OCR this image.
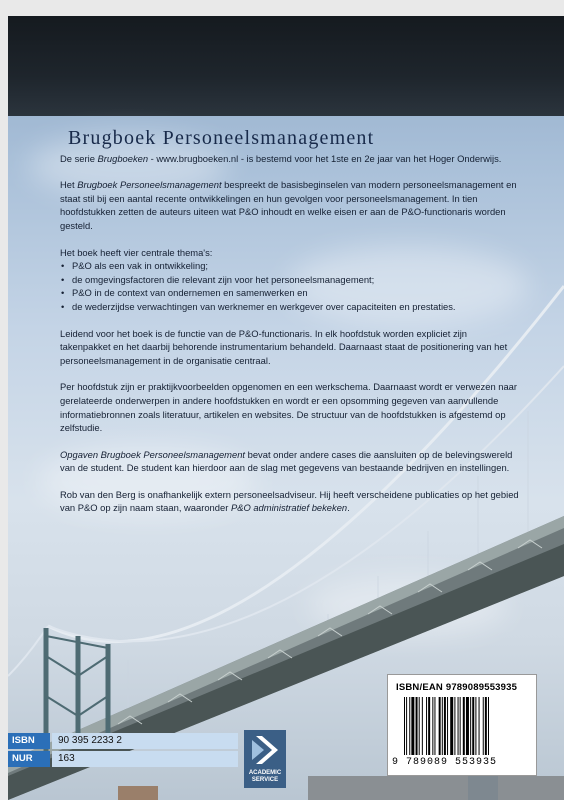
Brugboek Personeelsmanagement

De serie Brugboeken - www.brugboeken.nl - is bestemd voor het 1ste en 2e jaar van het Hoger Onderwijs.

Het Brugboek Personeelsmanagement bespreekt de basisbeginselen van modern personeelsmanagement en staat stil bij een aantal recente ontwikkelingen en hun gevolgen voor personeelsmanagement. In tien hoofdstukken zetten de auteurs uiteen wat P&O inhoudt en welke eisen er aan de P&O-functionaris worden gesteld.

Het boek heeft vier centrale thema's:
• P&O als een vak in ontwikkeling;
• de omgevingsfactoren die relevant zijn voor het personeelsmanagement;
• P&O in de context van ondernemen en samenwerken en
• de wederzijdse verwachtingen van werknemer en werkgever over capaciteiten en prestaties.

Leidend voor het boek is de functie van de P&O-functionaris. In elk hoofdstuk worden expliciet zijn takenpakket en het daarbij behorende instrumentarium behandeld. Daarnaast staat de positionering van het personeelsmanagement in de organisatie centraal.

Per hoofdstuk zijn er praktijkvoorbeelden opgenomen en een werkschema. Daarnaast wordt er verwezen naar gerelateerde onderwerpen in andere hoofdstukken en wordt er een opsomming gegeven van aanvullende informatiebronnen zoals literatuur, artikelen en websites. De structuur van de hoofdstukken is afgestemd op zelfstudie.

Opgaven Brugboek Personeelsmanagement bevat onder andere cases die aansluiten op de belevingswereld van de student. De student kan hierdoor aan de slag met gegevens van bestaande bedrijven en instellingen.

Rob van den Berg is onafhankelijk extern personeelsadviseur. Hij heeft verscheidene publicaties op het gebied van P&O op zijn naam staan, waaronder P&O administratief bekeken.

ISBN	90 395 2233 2
NUR	163
ACADEMIC
SERVICE
ISBN/EAN 9789089553935
9 789089 553935
